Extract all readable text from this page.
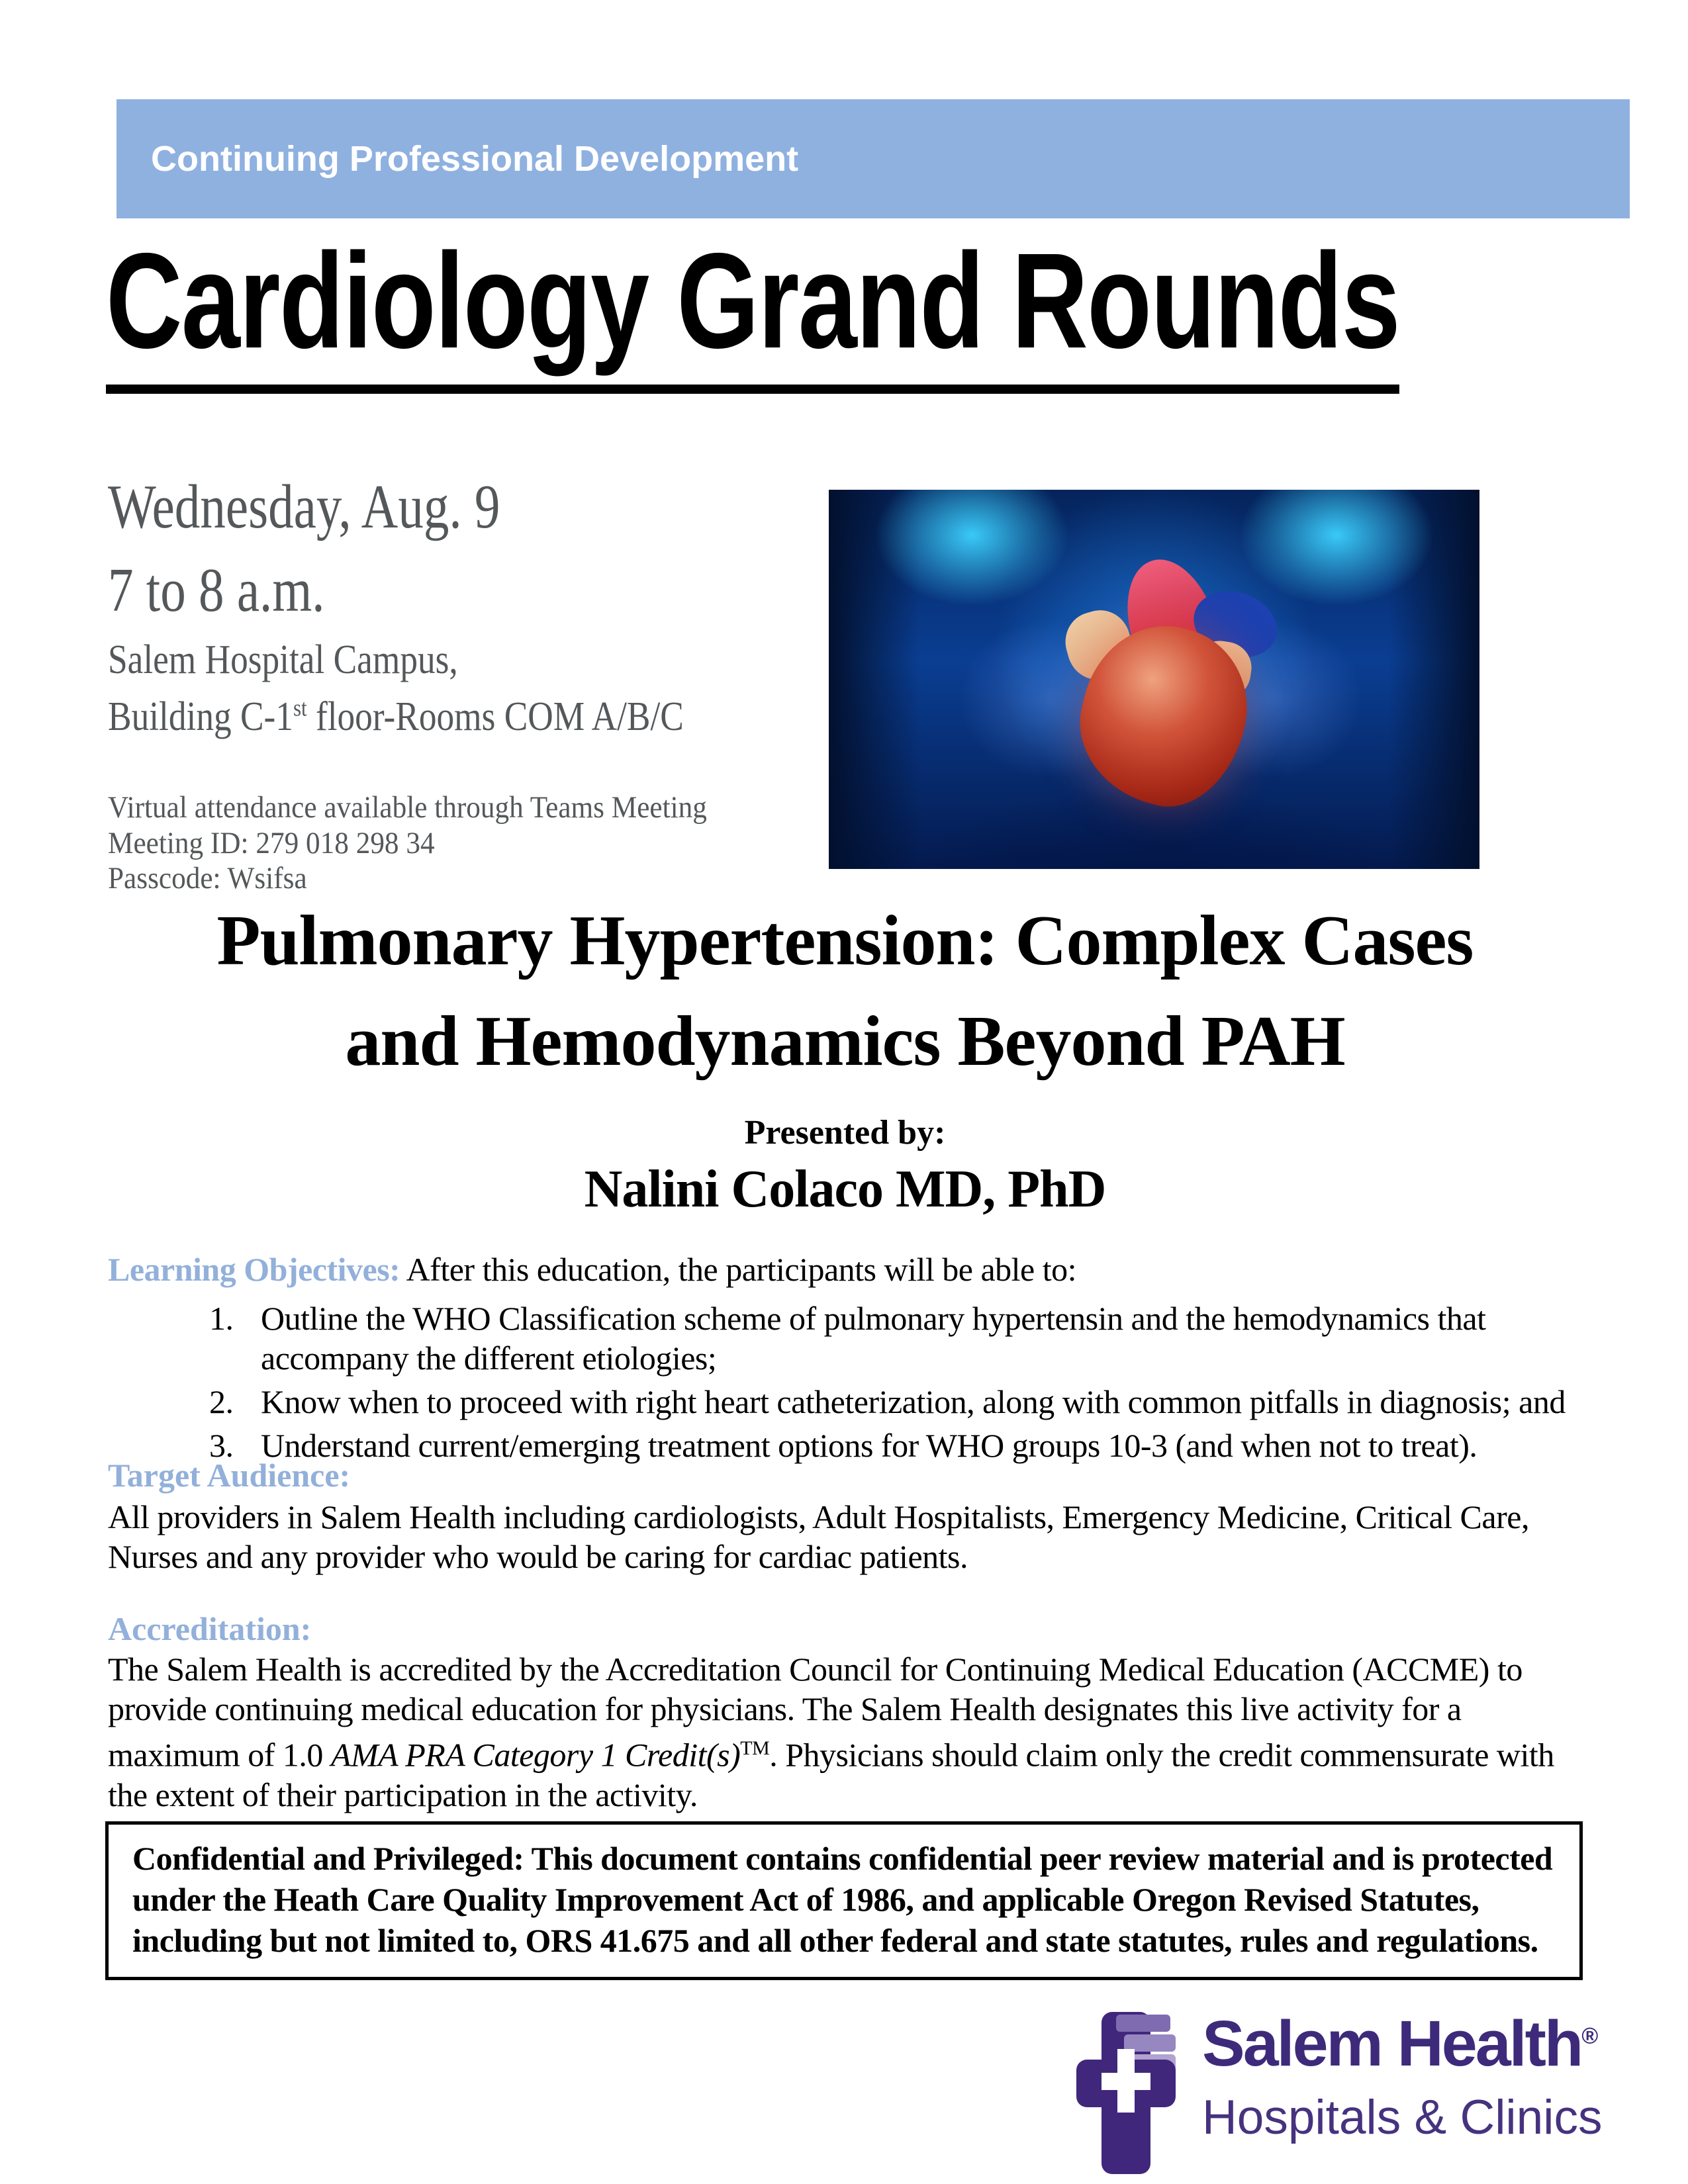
Continuing Professional Development
Cardiology Grand Rounds
Wednesday, Aug. 9
7 to 8 a.m.
Salem Hospital Campus,
Building C-1st floor-Rooms COM A/B/C
Virtual attendance available through Teams Meeting
Meeting ID: 279 018 298 34
Passcode: Wsifsa
Pulmonary Hypertension: Complex Cases
and Hemodynamics Beyond PAH
Presented by:
Nalini Colaco MD, PhD
Learning Objectives: After this education, the participants will be able to:
1. Outline the WHO Classification scheme of pulmonary hypertensin and the hemodynamics that accompany the different etiologies;
2. Know when to proceed with right heart catheterization, along with common pitfalls in diagnosis; and
3. Understand current/emerging treatment options for WHO groups 10-3 (and when not to treat).
Target Audience:
All providers in Salem Health including cardiologists, Adult Hospitalists, Emergency Medicine, Critical Care, Nurses and any provider who would be caring for cardiac patients.
Accreditation:
The Salem Health is accredited by the Accreditation Council for Continuing Medical Education (ACCME) to provide continuing medical education for physicians. The Salem Health designates this live activity for a maximum of 1.0 AMA PRA Category 1 Credit(s)™. Physicians should claim only the credit commensurate with the extent of their participation in the activity.
Confidential and Privileged: This document contains confidential peer review material and is protected under the Heath Care Quality Improvement Act of 1986, and applicable Oregon Revised Statutes, including but not limited to, ORS 41.675 and all other federal and state statutes, rules and regulations.
Salem Health®
Hospitals & Clinics
